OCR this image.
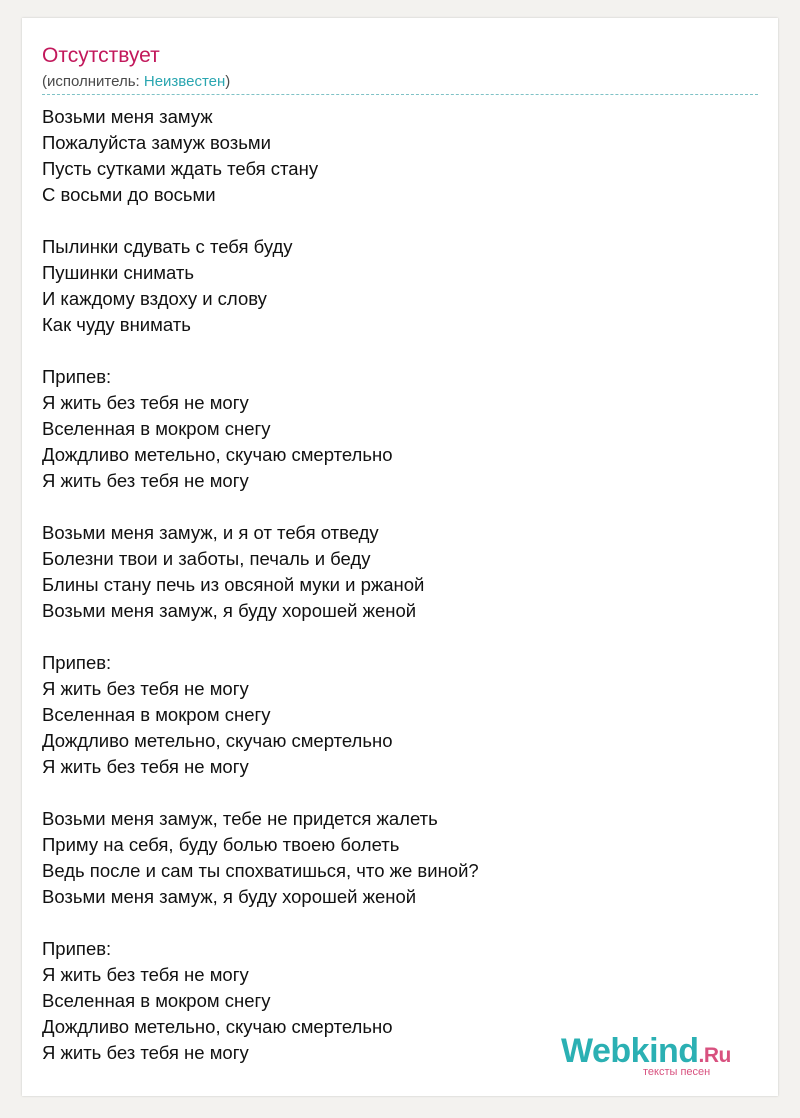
Отсутствует
(исполнитель: Неизвестен)
Возьми меня замуж
Пожалуйста замуж возьми
Пусть сутками ждать тебя стану
С восьми до восьми
Пылинки сдувать с тебя буду
Пушинки снимать
И каждому вздоху и слову
Как чуду внимать
Припев:
Я жить без тебя не могу
Вселенная в мокром снегу
Дождливо метельно, скучаю смертельно
Я жить без тебя не могу
Возьми меня замуж, и я от тебя отведу
Болезни твои и заботы, печаль и беду
Блины стану печь из овсяной муки и ржаной
Возьми меня замуж, я буду хорошей женой
Припев:
Я жить без тебя не могу
Вселенная в мокром снегу
Дождливо метельно, скучаю смертельно
Я жить без тебя не могу
Возьми меня замуж, тебе не придется жалеть
Приму на себя, буду болью твоею болеть
Ведь после и сам ты спохватишься, что же виной?
Возьми меня замуж, я буду хорошей женой
Припев:
Я жить без тебя не могу
Вселенная в мокром снегу
Дождливо метельно, скучаю смертельно
Я жить без тебя не могу	Webkind.Ru
тексты песен
